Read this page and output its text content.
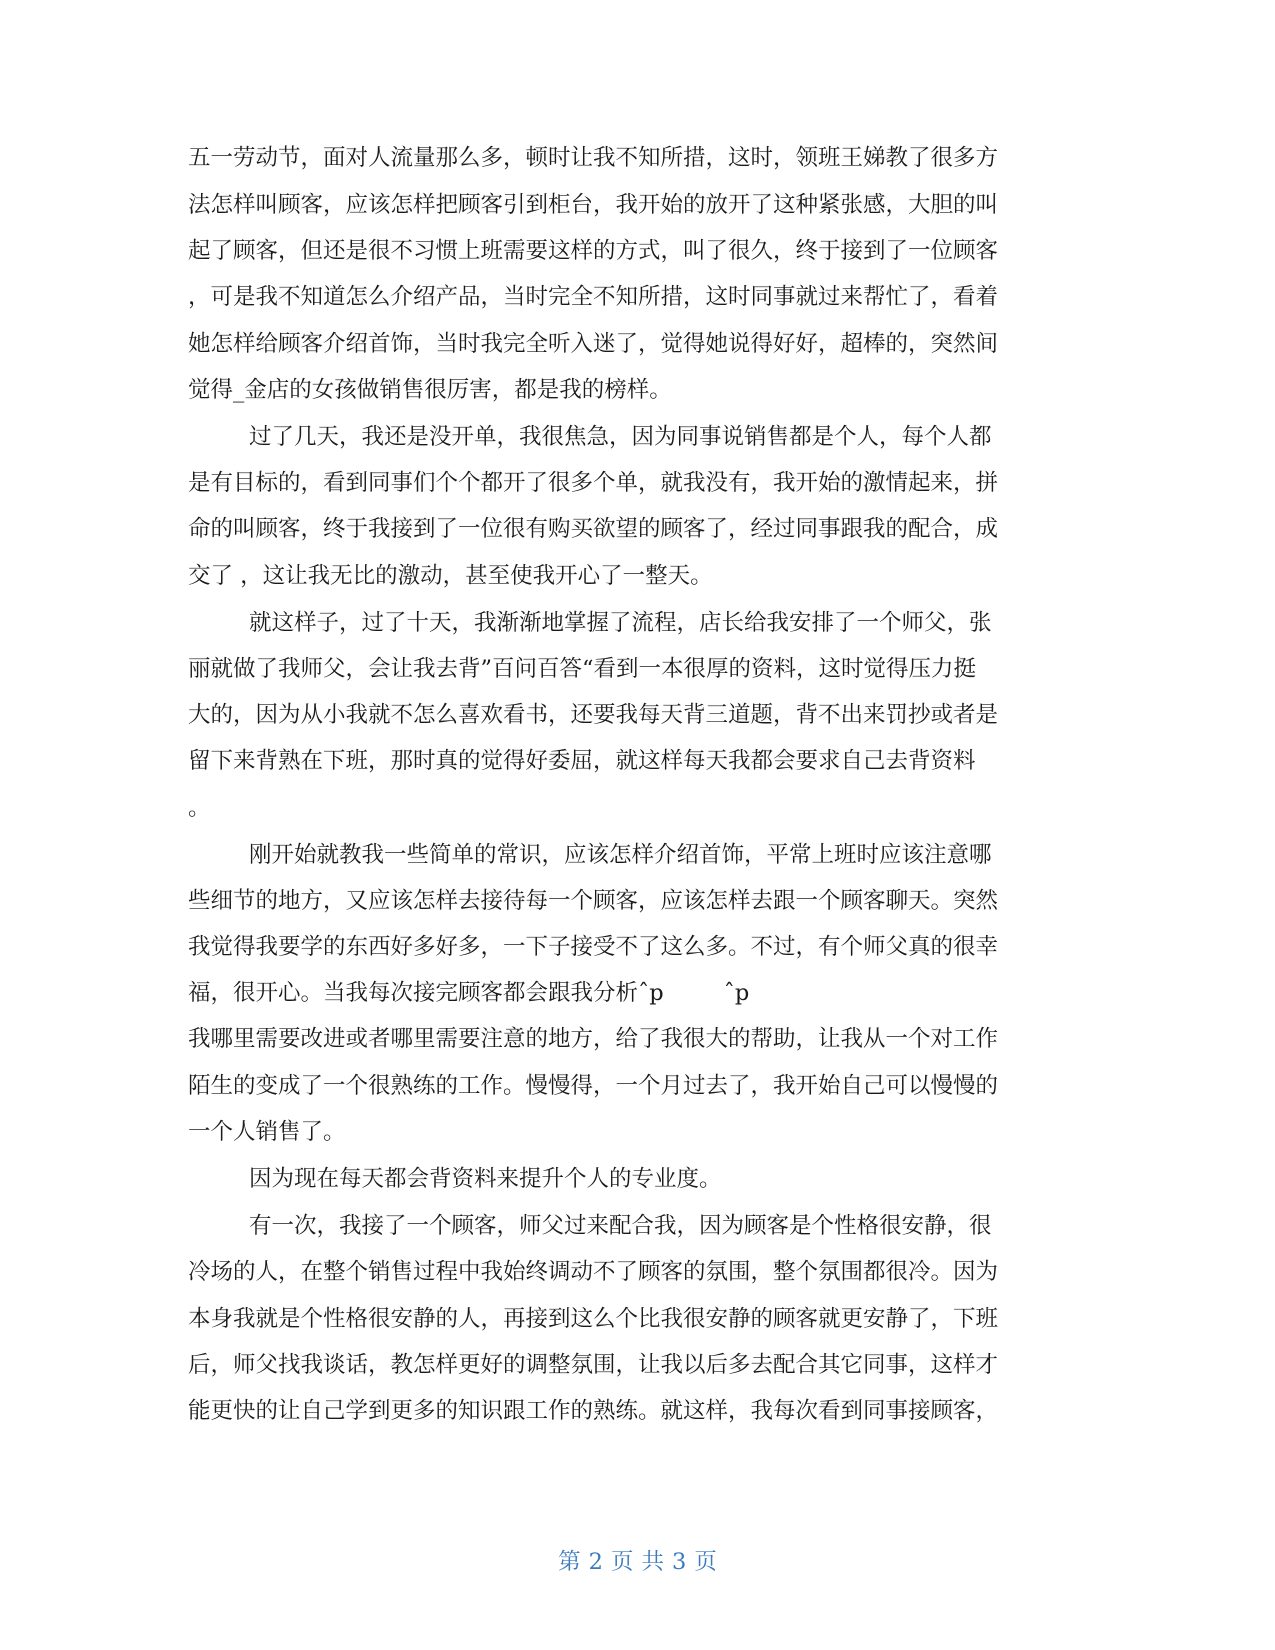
五一劳动节，面对人流量那么多，顿时让我不知所措，这时，领班王娣教了很多方
法怎样叫顾客，应该怎样把顾客引到柜台，我开始的放开了这种紧张感，大胆的叫
起了顾客，但还是很不习惯上班需要这样的方式，叫了很久，终于接到了一位顾客
，可是我不知道怎么介绍产品，当时完全不知所措，这时同事就过来帮忙了，看着
她怎样给顾客介绍首饰，当时我完全听入迷了，觉得她说得好好，超棒的，突然间
觉得_金店的女孩做销售很厉害，都是我的榜样。
过了几天，我还是没开单，我很焦急，因为同事说销售都是个人，每个人都
是有目标的，看到同事们个个都开了很多个单，就我没有，我开始的激情起来，拼
命的叫顾客，终于我接到了一位很有购买欲望的顾客了，经过同事跟我的配合，成
交了 ，这让我无比的激动，甚至使我开心了一整天。
就这样子，过了十天，我渐渐地掌握了流程，店长给我安排了一个师父，张
丽就做了我师父，会让我去背”百问百答“看到一本很厚的资料，这时觉得压力挺
大的，因为从小我就不怎么喜欢看书，还要我每天背三道题，背不出来罚抄或者是
留下来背熟在下班，那时真的觉得好委屈，就这样每天我都会要求自己去背资料
。
刚开始就教我一些简单的常识，应该怎样介绍首饰，平常上班时应该注意哪
些细节的地方，又应该怎样去接待每一个顾客，应该怎样去跟一个顾客聊天。突然
我觉得我要学的东西好多好多，一下子接受不了这么多。不过，有个师父真的很幸
福，很开心。当我每次接完顾客都会跟我分析ˆp	ˆp
我哪里需要改进或者哪里需要注意的地方，给了我很大的帮助，让我从一个对工作
陌生的变成了一个很熟练的工作。慢慢得，一个月过去了，我开始自己可以慢慢的
一个人销售了。
因为现在每天都会背资料来提升个人的专业度。
有一次，我接了一个顾客，师父过来配合我，因为顾客是个性格很安静，很
冷场的人，在整个销售过程中我始终调动不了顾客的氛围，整个氛围都很冷。因为
本身我就是个性格很安静的人，再接到这么个比我很安静的顾客就更安静了，下班
后，师父找我谈话，教怎样更好的调整氛围，让我以后多去配合其它同事，这样才
能更快的让自己学到更多的知识跟工作的熟练。就这样，我每次看到同事接顾客，
第 2 页 共 3 页
